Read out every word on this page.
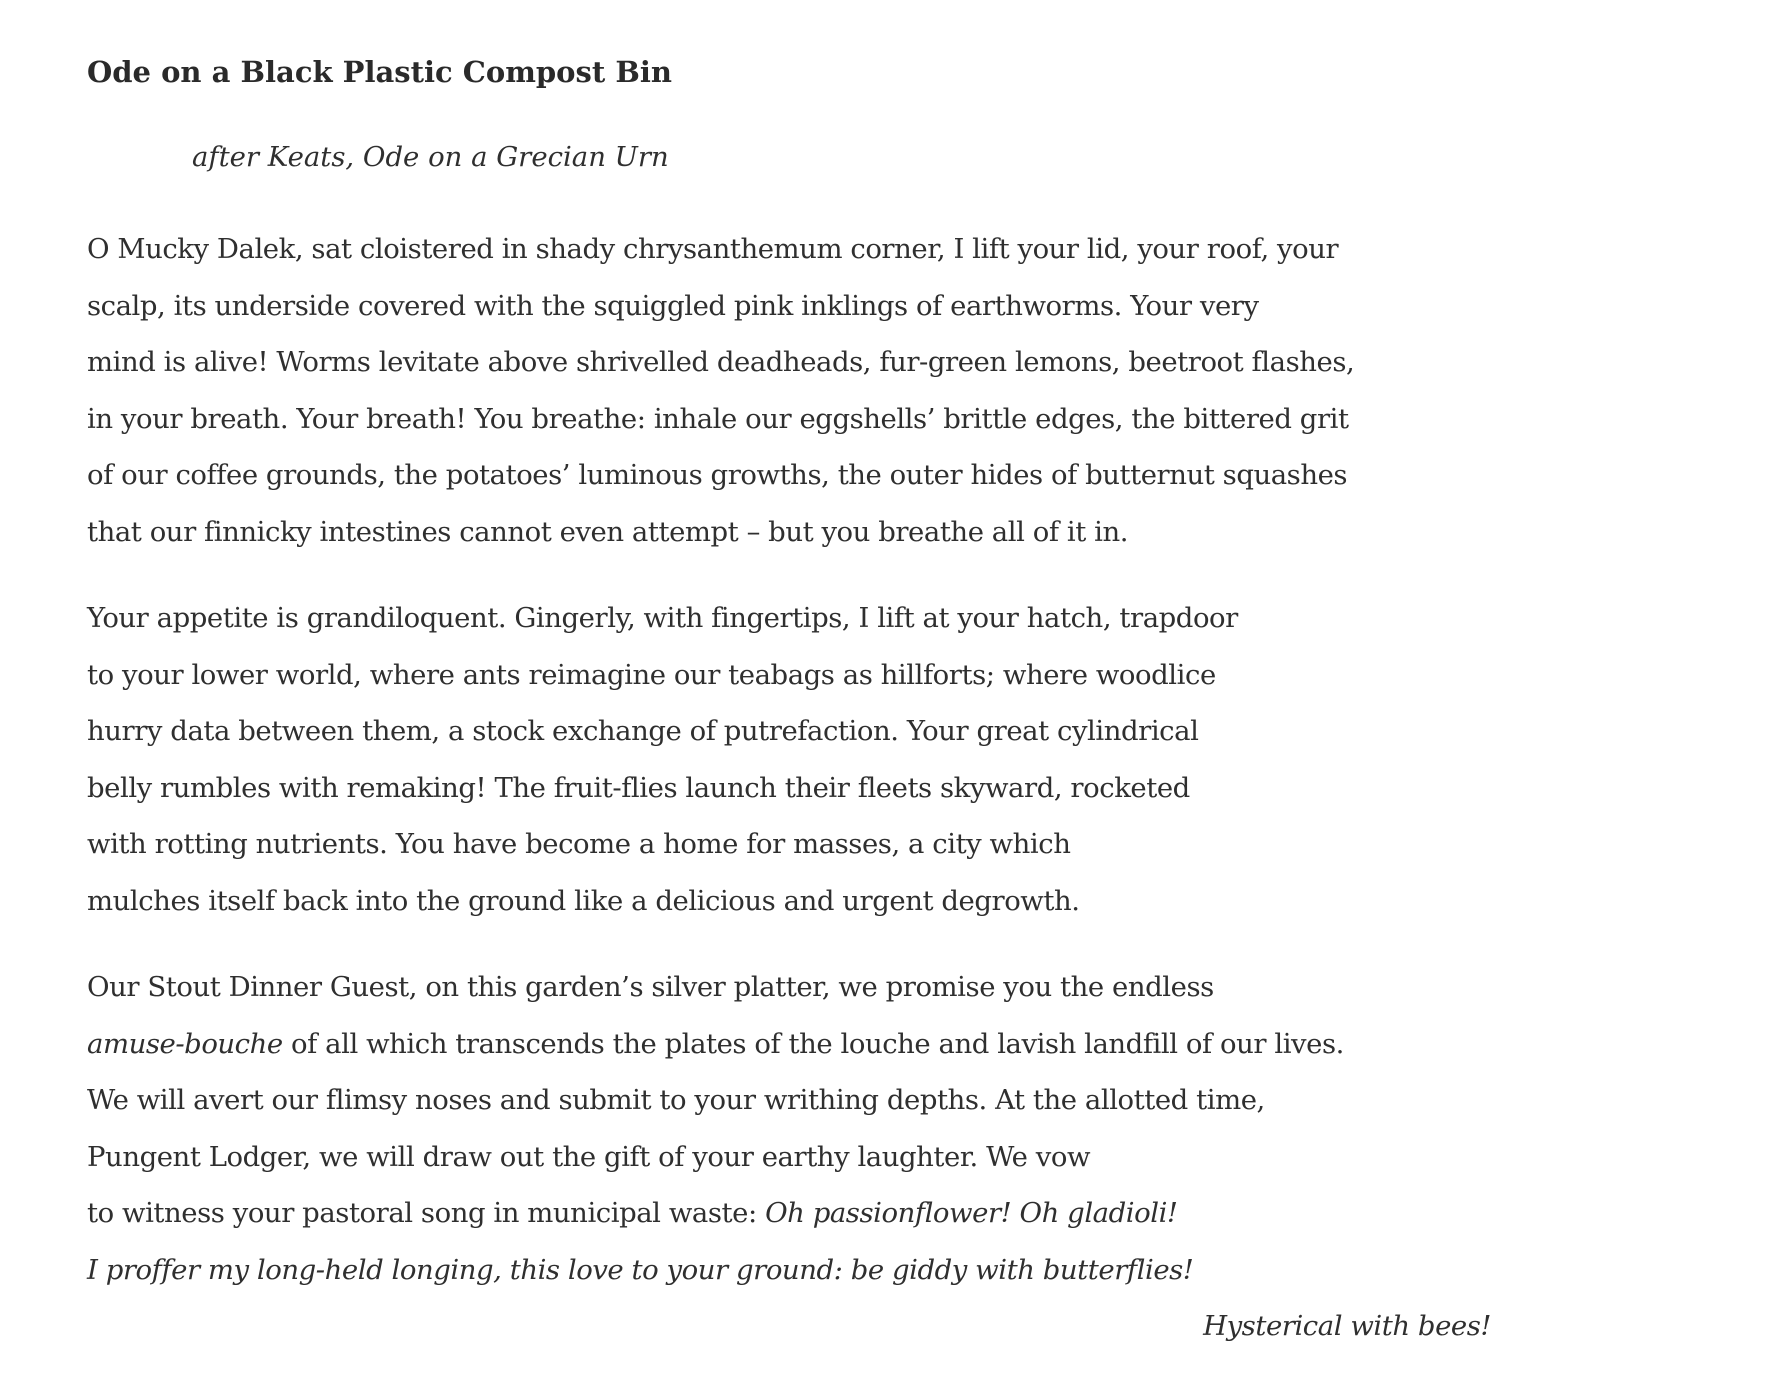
Ode on a Black Plastic Compost Bin
after Keats, Ode on a Grecian Urn
O Mucky Dalek, sat cloistered in shady chrysanthemum corner, I lift your lid, your roof, your
scalp, its underside covered with the squiggled pink inklings of earthworms. Your very
mind is alive! Worms levitate above shrivelled deadheads, fur-green lemons, beetroot flashes,
in your breath. Your breath! You breathe: inhale our eggshells’ brittle edges, the bittered grit
of our coffee grounds, the potatoes’ luminous growths, the outer hides of butternut squashes
that our finnicky intestines cannot even attempt – but you breathe all of it in.
Your appetite is grandiloquent. Gingerly, with fingertips, I lift at your hatch, trapdoor
to your lower world, where ants reimagine our teabags as hillforts; where woodlice
hurry data between them, a stock exchange of putrefaction. Your great cylindrical
belly rumbles with remaking! The fruit-flies launch their fleets skyward, rocketed
with rotting nutrients. You have become a home for masses, a city which
mulches itself back into the ground like a delicious and urgent degrowth.
Our Stout Dinner Guest, on this garden’s silver platter, we promise you the endless
amuse-bouche of all which transcends the plates of the louche and lavish landfill of our lives.
We will avert our flimsy noses and submit to your writhing depths. At the allotted time,
Pungent Lodger, we will draw out the gift of your earthy laughter. We vow
to witness your pastoral song in municipal waste: Oh passionflower! Oh gladioli!
I proffer my long-held longing, this love to your ground: be giddy with butterflies!
Hysterical with bees!
